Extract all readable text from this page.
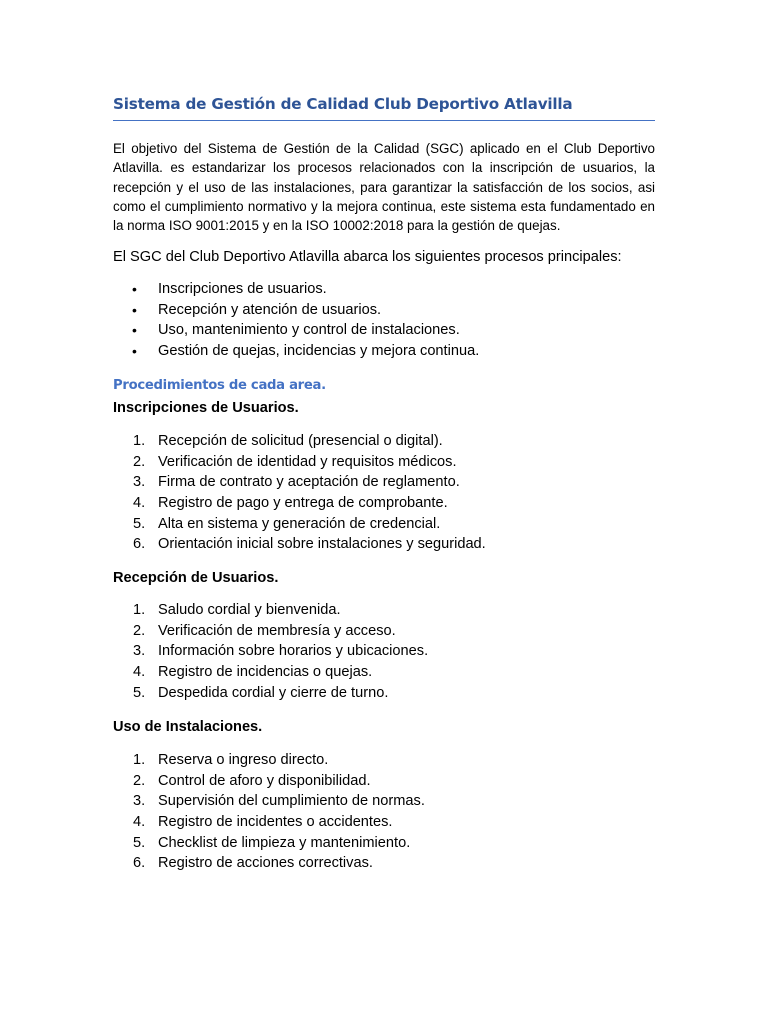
Sistema de Gestión de Calidad Club Deportivo Atlavilla
El objetivo del Sistema de Gestión de la Calidad (SGC) aplicado en el Club Deportivo Atlavilla. es estandarizar los procesos relacionados con la inscripción de usuarios, la recepción y el uso de las instalaciones, para garantizar la satisfacción de los socios, asi como el cumplimiento normativo y la mejora continua, este sistema esta fundamentado en la norma ISO 9001:2015 y en la ISO 10002:2018 para la gestión de quejas.
El SGC del Club Deportivo Atlavilla abarca los siguientes procesos principales:
• Inscripciones de usuarios.
• Recepción y atención de usuarios.
• Uso, mantenimiento y control de instalaciones.
• Gestión de quejas, incidencias y mejora continua.
Procedimientos de cada area.
Inscripciones de Usuarios.
1. Recepción de solicitud (presencial o digital).
2. Verificación de identidad y requisitos médicos.
3. Firma de contrato y aceptación de reglamento.
4. Registro de pago y entrega de comprobante.
5. Alta en sistema y generación de credencial.
6. Orientación inicial sobre instalaciones y seguridad.
Recepción de Usuarios.
1. Saludo cordial y bienvenida.
2. Verificación de membresía y acceso.
3. Información sobre horarios y ubicaciones.
4. Registro de incidencias o quejas.
5. Despedida cordial y cierre de turno.
Uso de Instalaciones.
1. Reserva o ingreso directo.
2. Control de aforo y disponibilidad.
3. Supervisión del cumplimiento de normas.
4. Registro de incidentes o accidentes.
5. Checklist de limpieza y mantenimiento.
6. Registro de acciones correctivas.
